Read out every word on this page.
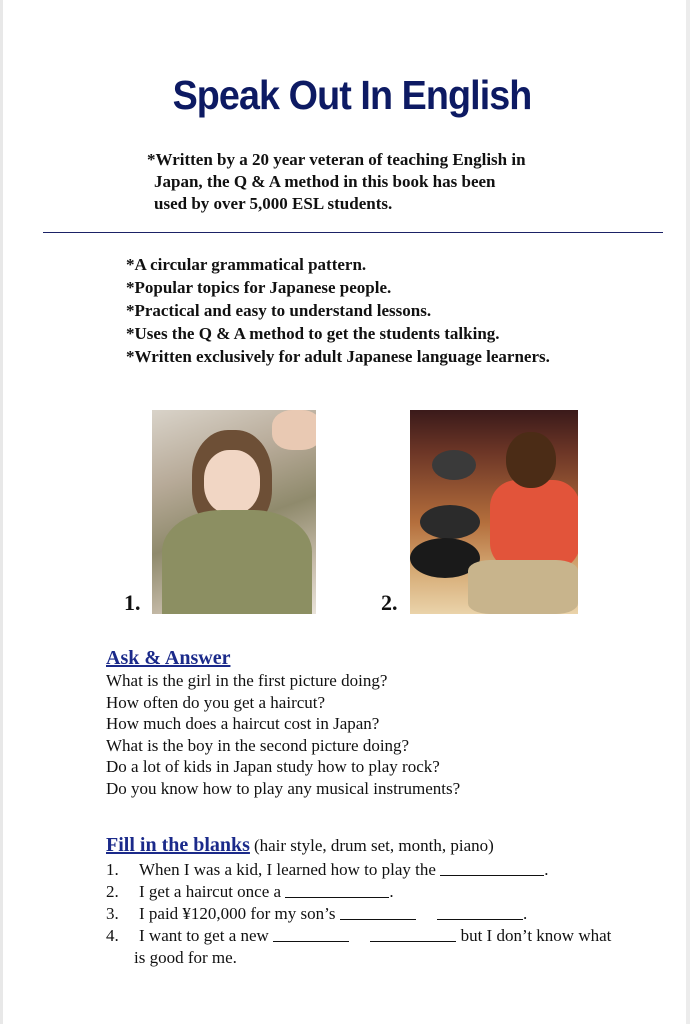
Speak Out In English
*Written by a 20 year veteran of teaching English in
Japan, the Q & A method in this book has been
used by over 5,000 ESL students.
*A circular grammatical pattern.
*Popular topics for Japanese people.
*Practical and easy to understand lessons.
*Uses the Q & A method to get the students talking.
*Written exclusively for adult Japanese language learners.
1.	2.
Ask & Answer
What is the girl in the first picture doing?
How often do you get a haircut?
How much does a haircut cost in Japan?
What is the boy in the second picture doing?
Do a lot of kids in Japan study how to play rock?
Do you know how to play any musical instruments?
Fill in the blanks (hair style, drum set, month, piano)
1.	When I was a kid, I learned how to play the
	.
2.	I get a haircut once a
	.
3.	I paid ¥120,000 for my son’s

	.
4.	I want to get a new

	but I don’t know what
is good for me.
